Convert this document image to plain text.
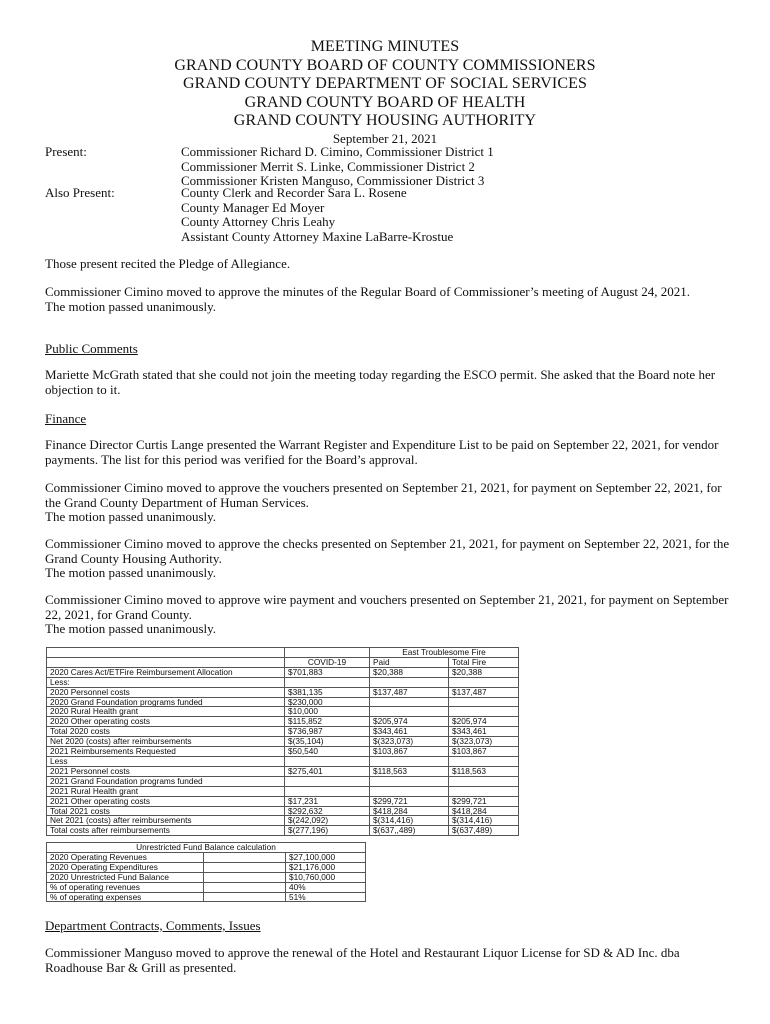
MEETING MINUTES
GRAND COUNTY BOARD OF COUNTY COMMISSIONERS
GRAND COUNTY DEPARTMENT OF SOCIAL SERVICES
GRAND COUNTY BOARD OF HEALTH
GRAND COUNTY HOUSING AUTHORITY
September 21, 2021
Present:	Commissioner Richard D. Cimino, Commissioner District 1
Commissioner Merrit S. Linke, Commissioner District 2
Commissioner Kristen Manguso, Commissioner District 3
Also Present:	County Clerk and Recorder Sara L. Rosene
County Manager Ed Moyer
County Attorney Chris Leahy
Assistant County Attorney Maxine LaBarre-Krostue
Those present recited the Pledge of Allegiance.
Commissioner Cimino moved to approve the minutes of the Regular Board of Commissioner’s meeting of August 24, 2021.
The motion passed unanimously.
Public Comments
Mariette McGrath stated that she could not join the meeting today regarding the ESCO permit. She asked that the Board note her objection to it.
Finance
Finance Director Curtis Lange presented the Warrant Register and Expenditure List to be paid on September 22, 2021, for vendor payments. The list for this period was verified for the Board’s approval.
Commissioner Cimino moved to approve the vouchers presented on September 21, 2021, for payment on September 22, 2021, for the Grand County Department of Human Services.
The motion passed unanimously.
Commissioner Cimino moved to approve the checks presented on September 21, 2021, for payment on September 22, 2021, for the Grand County Housing Authority.
The motion passed unanimously.
Commissioner Cimino moved to approve wire payment and vouchers presented on September 21, 2021, for payment on September 22, 2021, for Grand County.
The motion passed unanimously.
		East Troublesome Fire	
	COVID-19	Paid	Total Fire
2020 Cares Act/ETFire Reimbursement Allocation	$701,883	$20,388	$20,388
Less:			
2020 Personnel costs	$381,135	$137,487	$137,487
2020 Grand Foundation programs funded	$230,000		
2020 Rural Health grant	$10,000		
2020 Other operating costs	$115,852	$205,974	$205,974
Total 2020 costs	$736,987	$343,461	$343,461
Net 2020 (costs) after reimbursements	$(35,104)	$(323,073)	$(323,073)
2021 Reimbursements Requested	$50,540	$103,867	$103,867
Less			
2021 Personnel costs	$275,401	$118,563	$118,563
2021 Grand Foundation programs funded			
2021 Rural Health grant			
2021 Other operating costs	$17,231	$299,721	$299,721
Total 2021 costs	$292,632	$418,284	$418,284
Net 2021 (costs) after reimbursements	$(242,092)	$(314,416)	$(314,416)
Total costs after reimbursements	$(277,196)	$(637,,489)	$(637,489)
Unrestricted Fund Balance calculation		
2020 Operating Revenues		$27,100,000
2020 Operating Expenditures		$21,176,000
2020 Unrestricted Fund Balance		$10,760,000
% of operating revenues		40%
% of operating expenses		51%
Department Contracts, Comments, Issues
Commissioner Manguso moved to approve the renewal of the Hotel and Restaurant Liquor License for SD & AD Inc. dba Roadhouse Bar & Grill as presented.
